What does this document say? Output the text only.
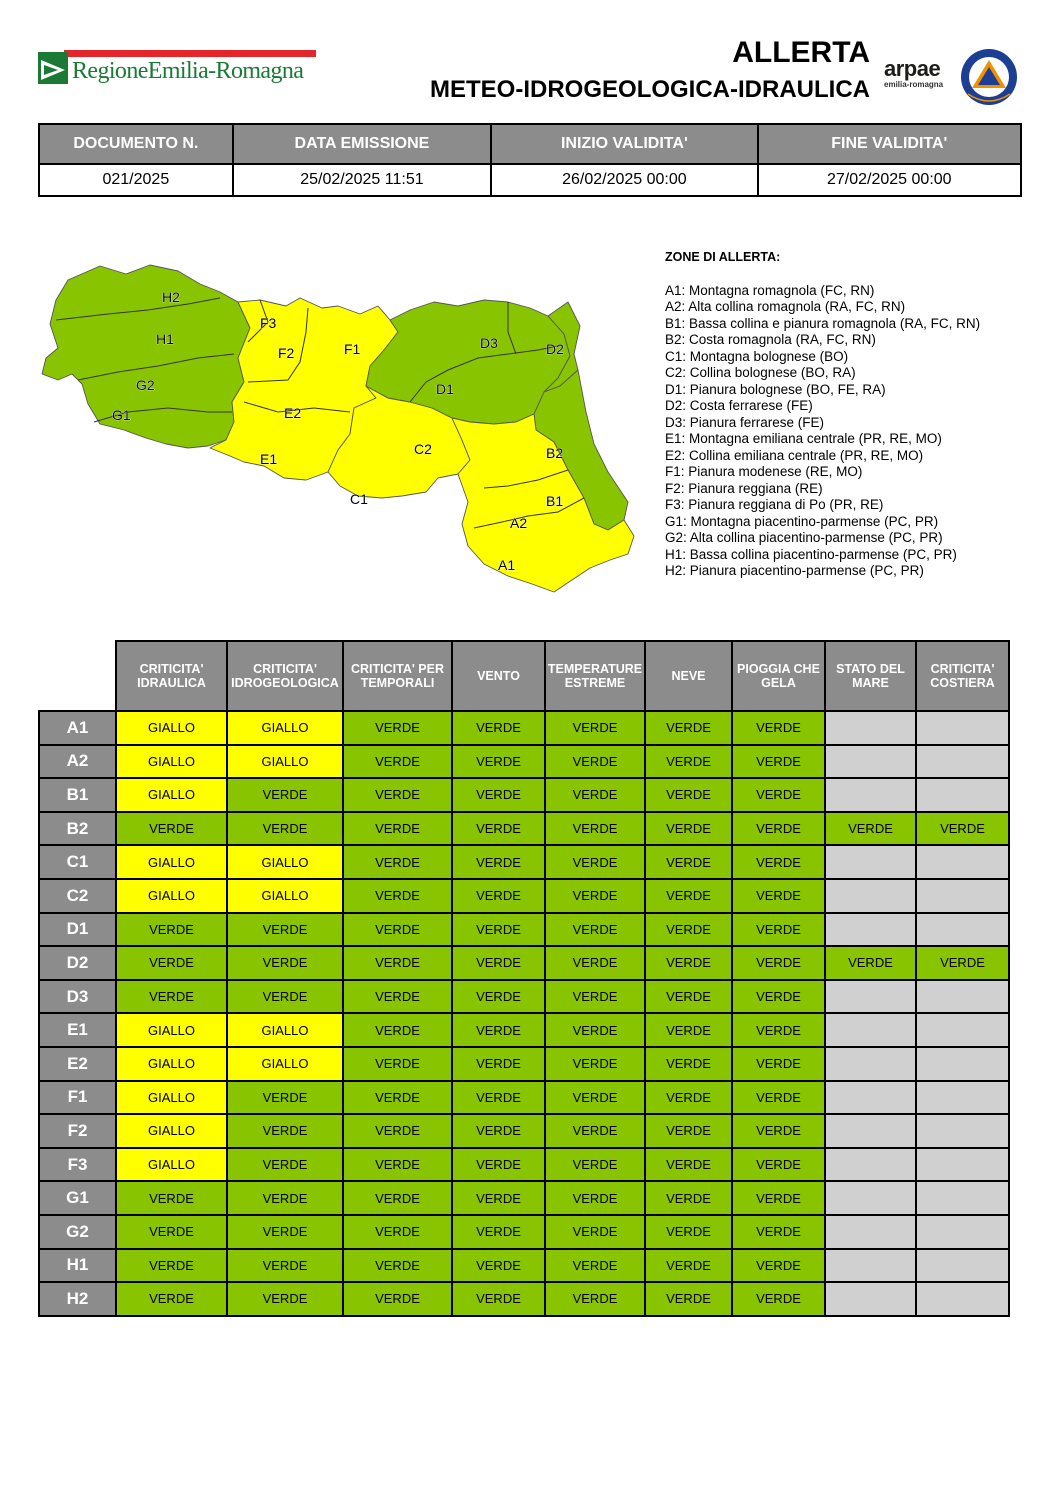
RegioneEmilia-Romagna
ALLERTA
METEO-IDROGEOLOGICA-IDRAULICA
arpae
emilia-romagna
DOCUMENTO N.	DATA EMISSIONE	INIZIO VALIDITA'	FINE VALIDITA'
021/2025	25/02/2025 11:51	26/02/2025 00:00	27/02/2025 00:00
H2
H1
G2
G1
F3
F2	F1
E2
E1
C2
C1
D3	D2
D1
B2
B1
A2
A1
ZONE DI ALLERTA:
A1: Montagna romagnola (FC, RN)
A2: Alta collina romagnola (RA, FC, RN)
B1: Bassa collina e pianura romagnola (RA, FC, RN)
B2: Costa romagnola (RA, FC, RN)
C1: Montagna bolognese (BO)
C2: Collina bolognese (BO, RA)
D1: Pianura bolognese (BO, FE, RA)
D2: Costa ferrarese (FE)
D3: Pianura ferrarese (FE)
E1: Montagna emiliana centrale (PR, RE, MO)
E2: Collina emiliana centrale (PR, RE, MO)
F1: Pianura modenese (RE, MO)
F2: Pianura reggiana (RE)
F3: Pianura reggiana di Po (PR, RE)
G1: Montagna piacentino-parmense (PC, PR)
G2: Alta collina piacentino-parmense (PC, PR)
H1: Bassa collina piacentino-parmense (PC, PR)
H2: Pianura piacentino-parmense (PC, PR)
	CRITICITA' IDRAULICA	CRITICITA' IDROGEOLOGICA	CRITICITA' PER TEMPORALI	VENTO	TEMPERATURE ESTREME	NEVE	PIOGGIA CHE GELA	STATO DEL MARE	CRITICITA' COSTIERA
A1	GIALLO	GIALLO	VERDE	VERDE	VERDE	VERDE	VERDE		
A2	GIALLO	GIALLO	VERDE	VERDE	VERDE	VERDE	VERDE		
B1	GIALLO	VERDE	VERDE	VERDE	VERDE	VERDE	VERDE		
B2	VERDE	VERDE	VERDE	VERDE	VERDE	VERDE	VERDE	VERDE	VERDE
C1	GIALLO	GIALLO	VERDE	VERDE	VERDE	VERDE	VERDE		
C2	GIALLO	GIALLO	VERDE	VERDE	VERDE	VERDE	VERDE		
D1	VERDE	VERDE	VERDE	VERDE	VERDE	VERDE	VERDE		
D2	VERDE	VERDE	VERDE	VERDE	VERDE	VERDE	VERDE	VERDE	VERDE
D3	VERDE	VERDE	VERDE	VERDE	VERDE	VERDE	VERDE		
E1	GIALLO	GIALLO	VERDE	VERDE	VERDE	VERDE	VERDE		
E2	GIALLO	GIALLO	VERDE	VERDE	VERDE	VERDE	VERDE		
F1	GIALLO	VERDE	VERDE	VERDE	VERDE	VERDE	VERDE		
F2	GIALLO	VERDE	VERDE	VERDE	VERDE	VERDE	VERDE		
F3	GIALLO	VERDE	VERDE	VERDE	VERDE	VERDE	VERDE		
G1	VERDE	VERDE	VERDE	VERDE	VERDE	VERDE	VERDE		
G2	VERDE	VERDE	VERDE	VERDE	VERDE	VERDE	VERDE		
H1	VERDE	VERDE	VERDE	VERDE	VERDE	VERDE	VERDE		
H2	VERDE	VERDE	VERDE	VERDE	VERDE	VERDE	VERDE		
